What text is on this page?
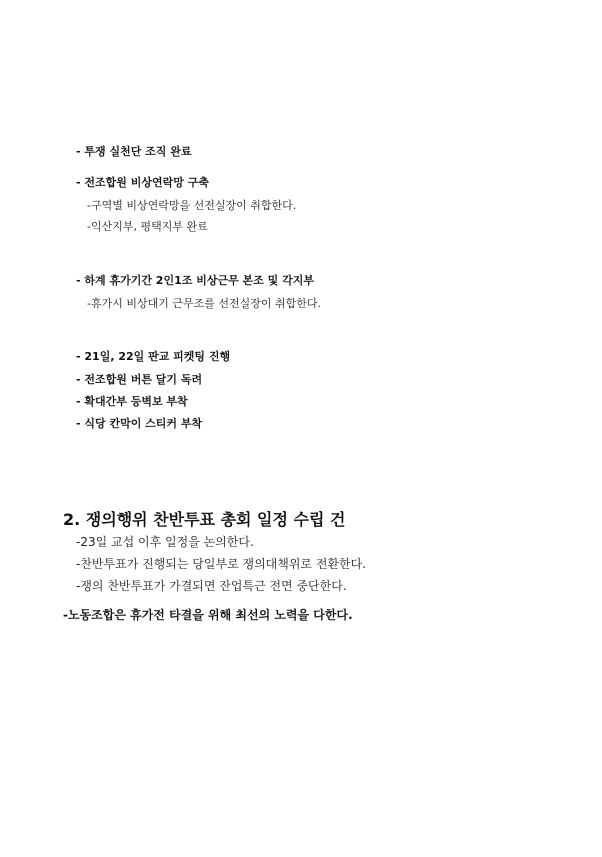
- 투쟁 실천단 조직 완료
- 전조합원 비상연락망 구축
-구역별 비상연락망을 선전실장이 취합한다.
-익산지부, 평택지부 완료
- 하계 휴가기간 2인1조 비상근무 본조 및 각지부
-휴가시 비상대기 근무조를 선전실장이 취합한다.
- 21일, 22일 판교 피켓팅 진행
- 전조합원 버튼 달기 독려
- 확대간부 등벽보 부착
- 식당 칸막이 스티커 부착
2. 쟁의행위 찬반투표 총회 일정 수립 건
-23일 교섭 이후 일정을 논의한다.
-찬반투표가 진행되는 당일부로 쟁의대책위로 전환한다.
-쟁의 찬반투표가 가결되면 잔업특근 전면 중단한다.
-노동조합은 휴가전 타결을 위해 최선의 노력을 다한다.
